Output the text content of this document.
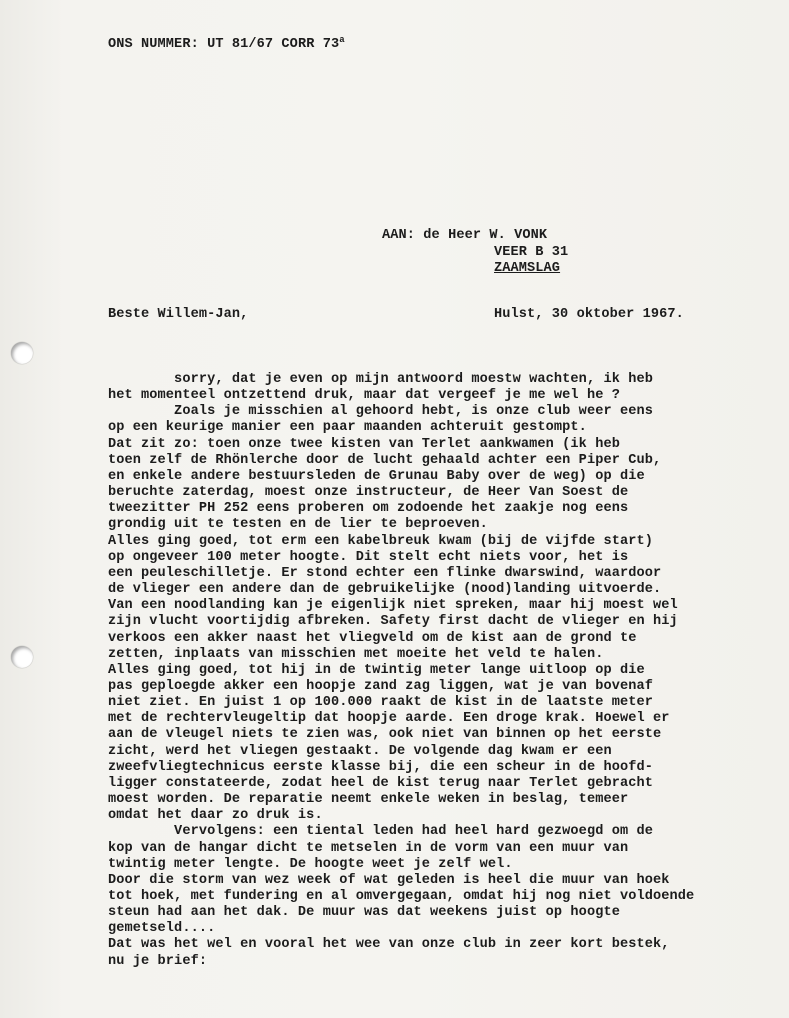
ONS NUMMER: UT 81/67 CORR 73$^a$
AAN: de Heer W. VONK
VEER B 31
ZAAMSLAG
Beste Willem-Jan,	Hulst, 30 oktober 1967.
sorry, dat je even op mijn antwoord moestw wachten, ik heb
het momenteel ontzettend druk, maar dat vergeef je me wel he ?
Zoals je misschien al gehoord hebt, is onze club weer eens
op een keurige manier een paar maanden achteruit gestompt.
Dat zit zo: toen onze twee kisten van Terlet aankwamen (ik heb
toen zelf de Rhönlerche door de lucht gehaald achter een Piper Cub,
en enkele andere bestuursleden de Grunau Baby over de weg) op die
beruchte zaterdag, moest onze instructeur, de Heer Van Soest de
tweezitter PH 252 eens proberen om zodoende het zaakje nog eens
grondig uit te testen en de lier te beproeven.
Alles ging goed, tot erm een kabelbreuk kwam (bij de vijfde start)
op ongeveer 100 meter hoogte. Dit stelt echt niets voor, het is
een peuleschilletje. Er stond echter een flinke dwarswind, waardoor
de vlieger een andere dan de gebruikelijke (nood)landing uitvoerde.
Van een noodlanding kan je eigenlijk niet spreken, maar hij moest wel
zijn vlucht voortijdig afbreken. Safety first dacht de vlieger en hij
verkoos een akker naast het vliegveld om de kist aan de grond te
zetten, inplaats van misschien met moeite het veld te halen.
Alles ging goed, tot hij in de twintig meter lange uitloop op die
pas geploegde akker een hoopje zand zag liggen, wat je van bovenaf
niet ziet. En juist 1 op 100.000 raakt de kist in de laatste meter
met de rechtervleugeltip dat hoopje aarde. Een droge krak. Hoewel er
aan de vleugel niets te zien was, ook niet van binnen op het eerste
zicht, werd het vliegen gestaakt. De volgende dag kwam er een
zweefvliegtechnicus eerste klasse bij, die een scheur in de hoofd-
ligger constateerde, zodat heel de kist terug naar Terlet gebracht
moest worden. De reparatie neemt enkele weken in beslag, temeer
omdat het daar zo druk is.
Vervolgens: een tiental leden had heel hard gezwoegd om de
kop van de hangar dicht te metselen in de vorm van een muur van
twintig meter lengte. De hoogte weet je zelf wel.
Door die storm van wez week of wat geleden is heel die muur van hoek
tot hoek, met fundering en al omvergegaan, omdat hij nog niet voldoende
steun had aan het dak. De muur was dat weekens juist op hoogte
gemetseld....
Dat was het wel en vooral het wee van onze club in zeer kort bestek,
nu je brief:
